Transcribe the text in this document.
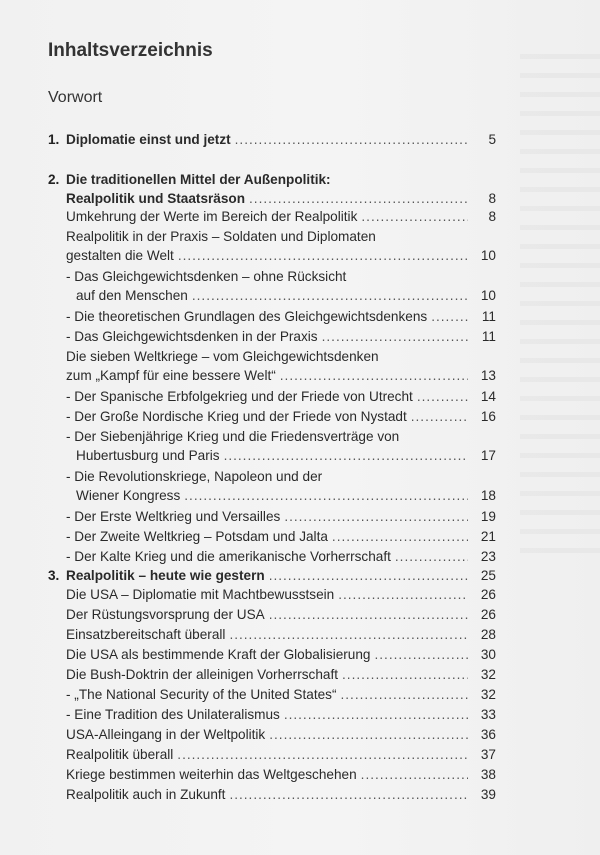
Inhaltsverzeichnis
Vorwort
1. Diplomatie einst und jetzt .....	5
2. Die traditionellen Mittel der Außenpolitik:
Realpolitik und Staatsräson .....	8
Umkehrung der Werte im Bereich der Realpolitik .....	8
Realpolitik in der Praxis – Soldaten und Diplomaten
gestalten die Welt .....	10
- Das Gleichgewichtsdenken – ohne Rücksicht
auf den Menschen .....	10
- Die theoretischen Grundlagen des Gleichgewichtsdenkens .....	11
- Das Gleichgewichtsdenken in der Praxis .....	11
Die sieben Weltkriege – vom Gleichgewichtsdenken
zum „Kampf für eine bessere Welt“ .....	13
- Der Spanische Erbfolgekrieg und der Friede von Utrecht .....	14
- Der Große Nordische Krieg und der Friede von Nystadt .....	16
- Der Siebenjährige Krieg und die Friedensverträge von
Hubertusburg und Paris .....	17
- Die Revolutionskriege, Napoleon und der
Wiener Kongress .....	18
- Der Erste Weltkrieg und Versailles .....	19
- Der Zweite Weltkrieg – Potsdam und Jalta .....	21
- Der Kalte Krieg und die amerikanische Vorherrschaft .....	23
3. Realpolitik – heute wie gestern .....	25
Die USA – Diplomatie mit Machtbewusstsein .....	26
Der Rüstungsvorsprung der USA .....	26
Einsatzbereitschaft überall .....	28
Die USA als bestimmende Kraft der Globalisierung .....	30
Die Bush-Doktrin der alleinigen Vorherrschaft .....	32
- „The National Security of the United States“ .....	32
- Eine Tradition des Unilateralismus .....	33
USA-Alleingang in der Weltpolitik .....	36
Realpolitik überall .....	37
Kriege bestimmen weiterhin das Weltgeschehen .....	38
Realpolitik auch in Zukunft .....	39
